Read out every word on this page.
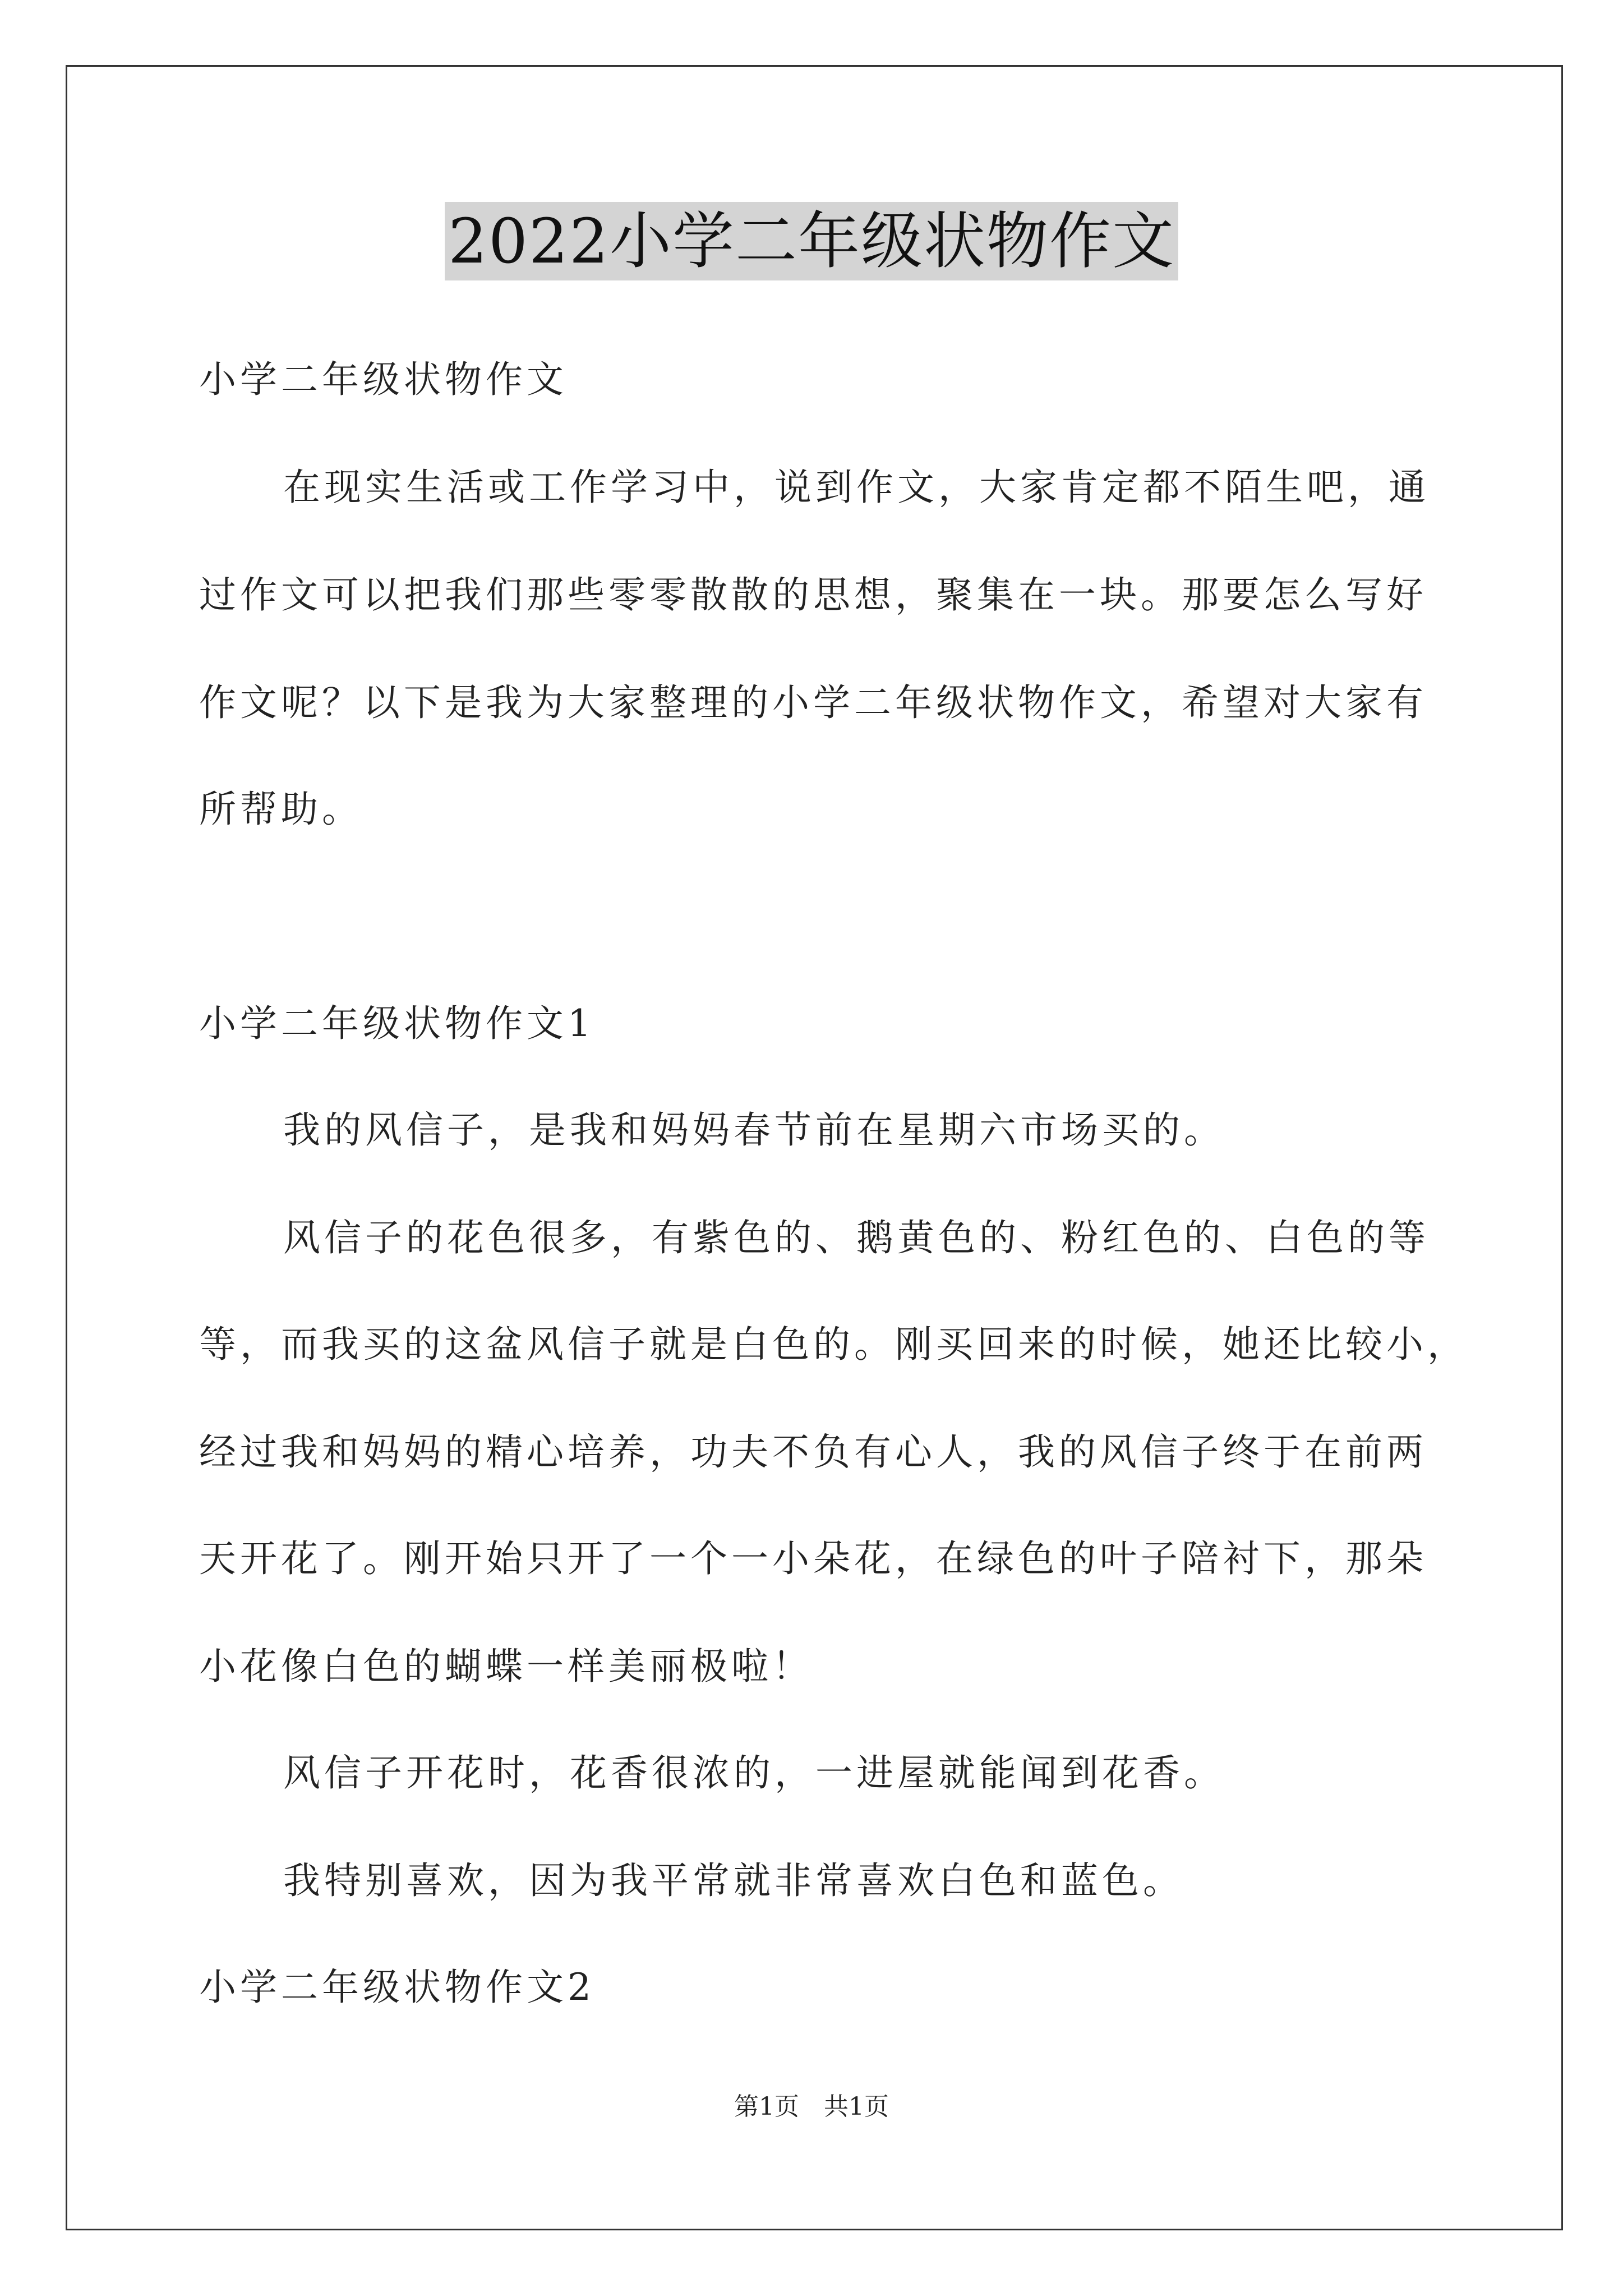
2022小学二年级状物作文
小学二年级状物作文
在现实生活或工作学习中，说到作文，大家肯定都不陌生吧，通
过作文可以把我们那些零零散散的思想，聚集在一块。那要怎么写好
作文呢？以下是我为大家整理的小学二年级状物作文，希望对大家有
所帮助。
小学二年级状物作文1
我的风信子，是我和妈妈春节前在星期六市场买的。
风信子的花色很多，有紫色的、鹅黄色的、粉红色的、白色的等
等，而我买的这盆风信子就是白色的。刚买回来的时候，她还比较小，
经过我和妈妈的精心培养，功夫不负有心人，我的风信子终于在前两
天开花了。刚开始只开了一个一小朵花，在绿色的叶子陪衬下，那朵
小花像白色的蝴蝶一样美丽极啦！
风信子开花时，花香很浓的，一进屋就能闻到花香。
我特别喜欢，因为我平常就非常喜欢白色和蓝色。
小学二年级状物作文2
第1页　共1页
